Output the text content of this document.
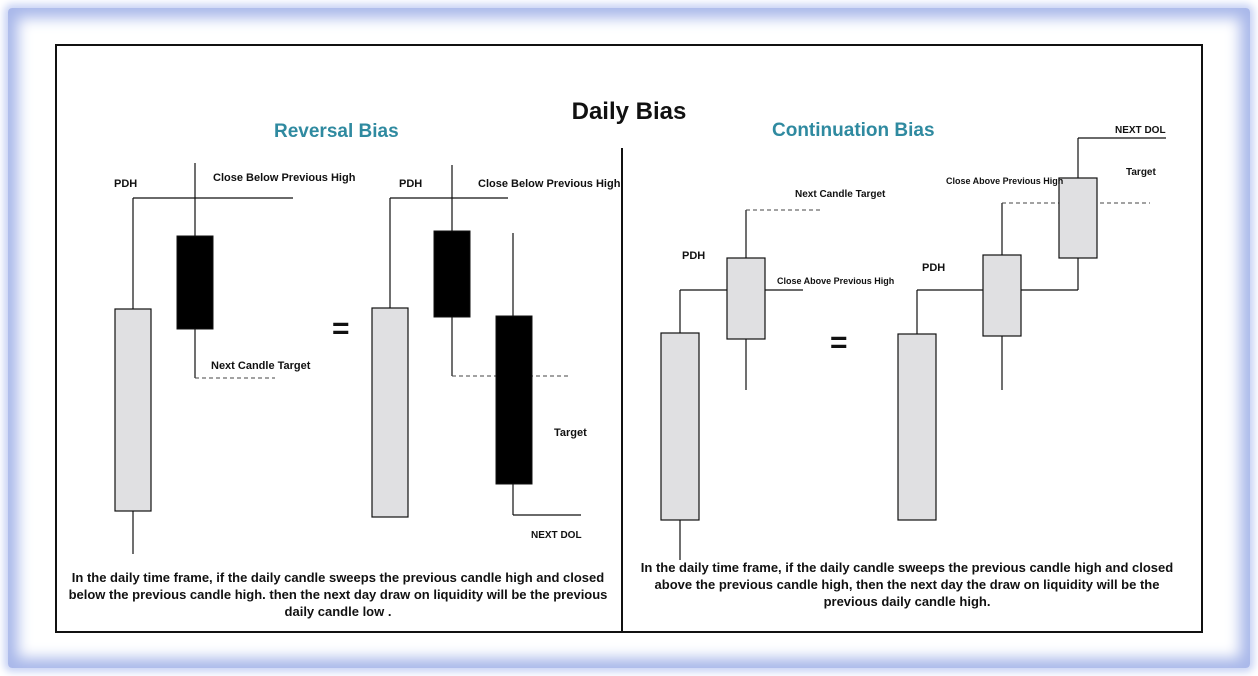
Daily Bias
Reversal Bias	Continuation Bias
PDH	Close Below Previous High
Next Candle Target
=
PDH	Close Below Previous High
Target
NEXT DOL
PDH
Next Candle Target
Close Above Previous High
=
PDH
Close Above Previous High
Target
NEXT DOL
In the daily time frame, if the daily candle sweeps the previous candle high and closed below the previous candle high. then the next day draw on liquidity will be the previous daily candle low .
In the daily time frame, if the daily candle sweeps the previous candle high and closed above the previous candle high, then the next day the draw on liquidity will be the previous daily candle high.
